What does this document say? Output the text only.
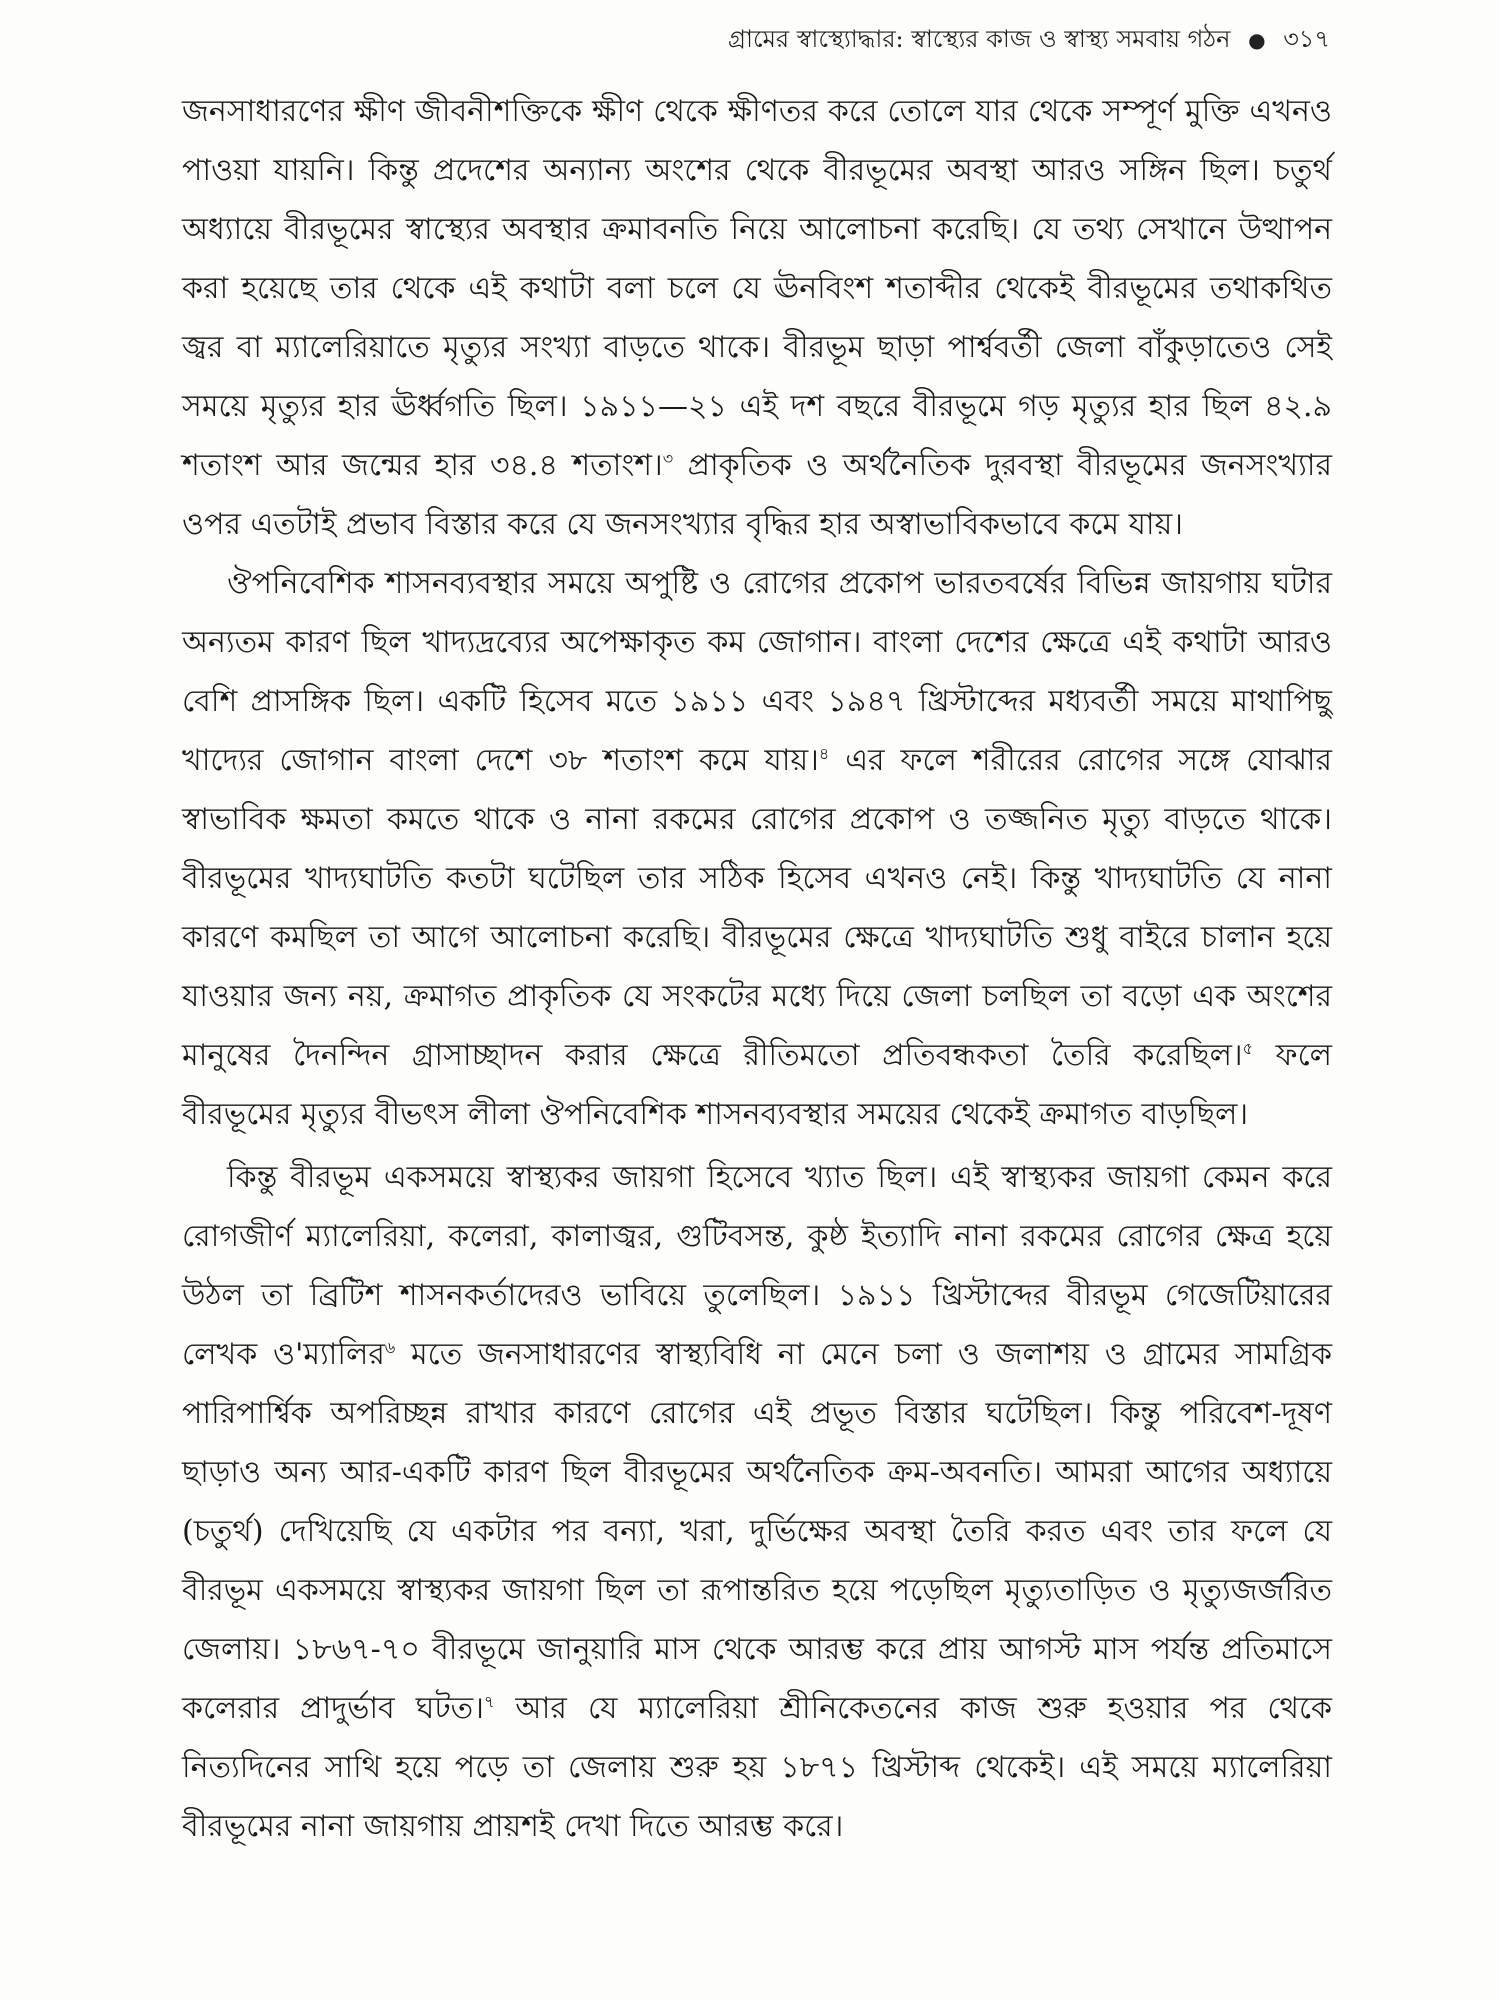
গ্রামের স্বাস্থ্যোদ্ধার: স্বাস্থ্যের কাজ ও স্বাস্থ্য সমবায় গঠন ● ৩১৭

জনসাধারণের ক্ষীণ জীবনীশক্তিকে ক্ষীণ থেকে ক্ষীণতর করে তোলে যার থেকে সম্পূর্ণ মুক্তি এখনও পাওয়া যায়নি। কিন্তু প্রদেশের অন্যান্য অংশের থেকে বীরভূমের অবস্থা আরও সঙ্গিন ছিল। চতুর্থ অধ্যায়ে বীরভূমের স্বাস্থ্যের অবস্থার ক্রমাবনতি নিয়ে আলোচনা করেছি। যে তথ্য সেখানে উত্থাপন করা হয়েছে তার থেকে এই কথাটা বলা চলে যে ঊনবিংশ শতাব্দীর থেকেই বীরভূমের তথাকথিত জ্বর বা ম্যালেরিয়াতে মৃত্যুর সংখ্যা বাড়তে থাকে। বীরভূম ছাড়া পার্শ্ববর্তী জেলা বাঁকুড়াতেও সেই সময়ে মৃত্যুর হার ঊর্ধ্বগতি ছিল। ১৯১১—২১ এই দশ বছরে বীরভূমে গড় মৃত্যুর হার ছিল ৪২.৯ শতাংশ আর জন্মের হার ৩৪.৪ শতাংশ।$^৩$ প্রাকৃতিক ও অর্থনৈতিক দুরবস্থা বীরভূমের জনসংখ্যার ওপর এতটাই প্রভাব বিস্তার করে যে জনসংখ্যার বৃদ্ধির হার অস্বাভাবিকভাবে কমে যায়।

ঔপনিবেশিক শাসনব্যবস্থার সময়ে অপুষ্টি ও রোগের প্রকোপ ভারতবর্ষের বিভিন্ন জায়গায় ঘটার অন্যতম কারণ ছিল খাদ্যদ্রব্যের অপেক্ষাকৃত কম জোগান। বাংলা দেশের ক্ষেত্রে এই কথাটা আরও বেশি প্রাসঙ্গিক ছিল। একটি হিসেব মতে ১৯১১ এবং ১৯৪৭ খ্রিস্টাব্দের মধ্যবর্তী সময়ে মাথাপিছু খাদ্যের জোগান বাংলা দেশে ৩৮ শতাংশ কমে যায়।$^৪$ এর ফলে শরীরের রোগের সঙ্গে যোঝার স্বাভাবিক ক্ষমতা কমতে থাকে ও নানা রকমের রোগের প্রকোপ ও তজ্জনিত মৃত্যু বাড়তে থাকে। বীরভূমের খাদ্যঘাটতি কতটা ঘটেছিল তার সঠিক হিসেব এখনও নেই। কিন্তু খাদ্যঘাটতি যে নানা কারণে কমছিল তা আগে আলোচনা করেছি। বীরভূমের ক্ষেত্রে খাদ্যঘাটতি শুধু বাইরে চালান হয়ে যাওয়ার জন্য নয়, ক্রমাগত প্রাকৃতিক যে সংকটের মধ্যে দিয়ে জেলা চলছিল তা বড়ো এক অংশের মানুষের দৈনন্দিন গ্রাসাচ্ছাদন করার ক্ষেত্রে রীতিমতো প্রতিবন্ধকতা তৈরি করেছিল।$^৫$ ফলে বীরভূমের মৃত্যুর বীভৎস লীলা ঔপনিবেশিক শাসনব্যবস্থার সময়ের থেকেই ক্রমাগত বাড়ছিল।

কিন্তু বীরভূম একসময়ে স্বাস্থ্যকর জায়গা হিসেবে খ্যাত ছিল। এই স্বাস্থ্যকর জায়গা কেমন করে রোগজীর্ণ ম্যালেরিয়া, কলেরা, কালাজ্বর, গুটিবসন্ত, কুষ্ঠ ইত্যাদি নানা রকমের রোগের ক্ষেত্র হয়ে উঠল তা ব্রিটিশ শাসনকর্তাদেরও ভাবিয়ে তুলেছিল। ১৯১১ খ্রিস্টাব্দের বীরভূম গেজেটিয়ারের লেখক ও'ম্যালির$^৬$ মতে জনসাধারণের স্বাস্থ্যবিধি না মেনে চলা ও জলাশয় ও গ্রামের সামগ্রিক পারিপার্শ্বিক অপরিচ্ছন্ন রাখার কারণে রোগের এই প্রভূত বিস্তার ঘটেছিল। কিন্তু পরিবেশ-দূষণ ছাড়াও অন্য আর-একটি কারণ ছিল বীরভূমের অর্থনৈতিক ক্রম-অবনতি। আমরা আগের অধ্যায়ে (চতুর্থ) দেখিয়েছি যে একটার পর বন্যা, খরা, দুর্ভিক্ষের অবস্থা তৈরি করত এবং তার ফলে যে বীরভূম একসময়ে স্বাস্থ্যকর জায়গা ছিল তা রূপান্তরিত হয়ে পড়েছিল মৃত্যুতাড়িত ও মৃত্যুজর্জরিত জেলায়। ১৮৬৭-৭০ বীরভূমে জানুয়ারি মাস থেকে আরম্ভ করে প্রায় আগস্ট মাস পর্যন্ত প্রতিমাসে কলেরার প্রাদুর্ভাব ঘটত।$^৭$ আর যে ম্যালেরিয়া শ্রীনিকেতনের কাজ শুরু হওয়ার পর থেকে নিত্যদিনের সাথি হয়ে পড়ে তা জেলায় শুরু হয় ১৮৭১ খ্রিস্টাব্দ থেকেই। এই সময়ে ম্যালেরিয়া বীরভূমের নানা জায়গায় প্রায়শই দেখা দিতে আরম্ভ করে।
